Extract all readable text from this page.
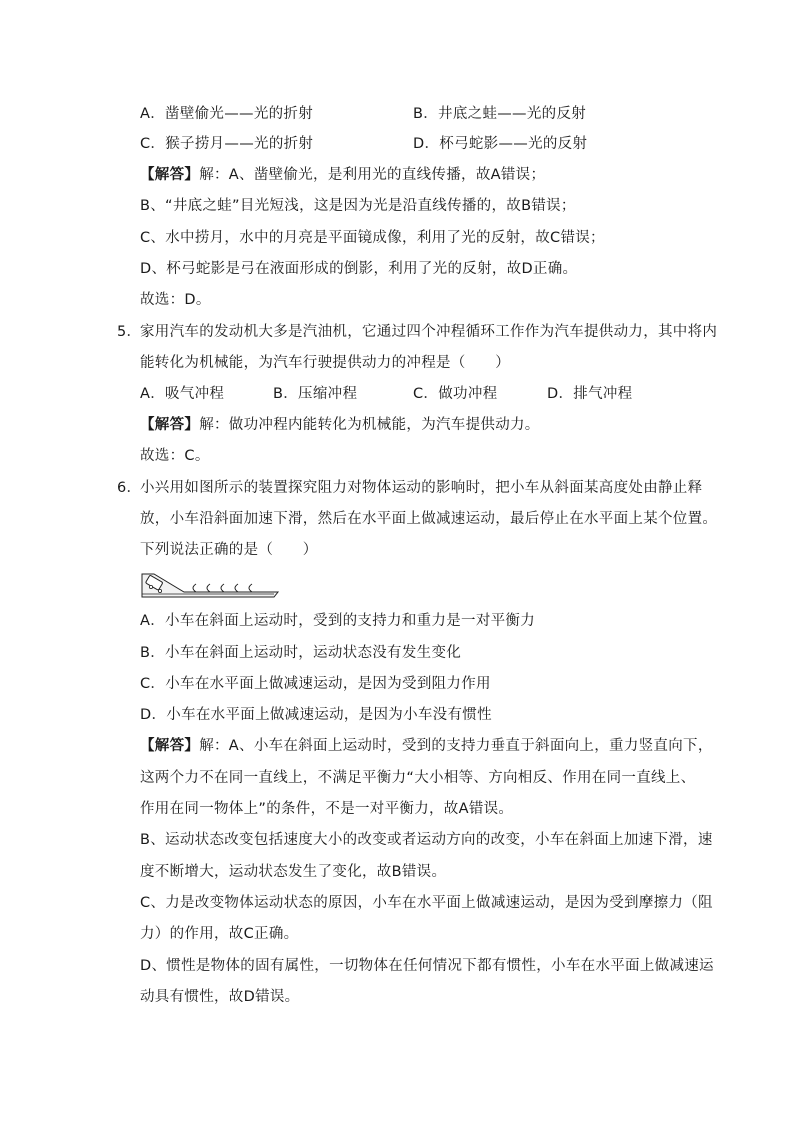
A．凿壁偷光——光的折射	B．井底之蛙——光的反射
C．猴子捞月——光的折射	D．杯弓蛇影——光的反射
【解答】解：A、凿壁偷光，是利用光的直线传播，故A错误；
B、“井底之蛙”目光短浅，这是因为光是沿直线传播的，故B错误；
C、水中捞月，水中的月亮是平面镜成像，利用了光的反射，故C错误；
D、杯弓蛇影是弓在液面形成的倒影，利用了光的反射，故D正确。
故选：D。
5．
家用汽车的发动机大多是汽油机，它通过四个冲程循环工作作为汽车提供动力，其中将内
能转化为机械能，为汽车行驶提供动力的冲程是（　　）
A．吸气冲程	B．压缩冲程	C．做功冲程	D．排气冲程
【解答】解：做功冲程内能转化为机械能，为汽车提供动力。
故选：C。
6．
小兴用如图所示的装置探究阻力对物体运动的影响时，把小车从斜面某高度处由静止释
放，小车沿斜面加速下滑，然后在水平面上做减速运动，最后停止在水平面上某个位置。
下列说法正确的是（　　）
A．小车在斜面上运动时，受到的支持力和重力是一对平衡力
B．小车在斜面上运动时，运动状态没有发生变化
C．小车在水平面上做减速运动，是因为受到阻力作用
D．小车在水平面上做减速运动，是因为小车没有惯性
【解答】解：A、小车在斜面上运动时，受到的支持力垂直于斜面向上，重力竖直向下，
这两个力不在同一直线上，不满足平衡力“大小相等、方向相反、作用在同一直线上、
作用在同一物体上”的条件，不是一对平衡力，故A错误。
B、运动状态改变包括速度大小的改变或者运动方向的改变，小车在斜面上加速下滑，速
度不断增大，运动状态发生了变化，故B错误。
C、力是改变物体运动状态的原因，小车在水平面上做减速运动，是因为受到摩擦力（阻
力）的作用，故C正确。
D、惯性是物体的固有属性，一切物体在任何情况下都有惯性，小车在水平面上做减速运
动具有惯性，故D错误。
